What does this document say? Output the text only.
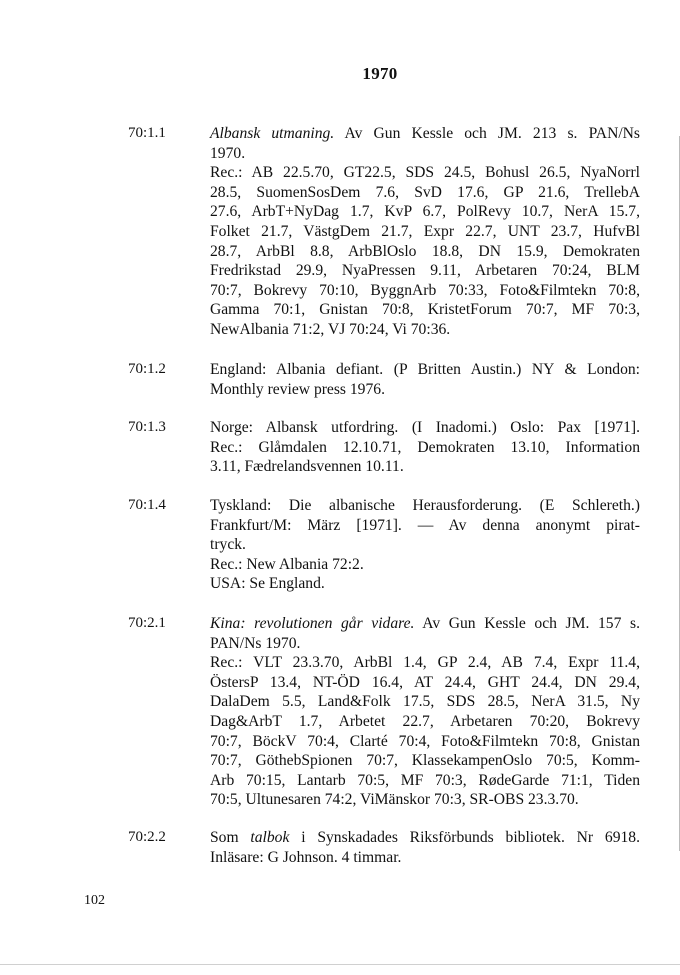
1970
70:1.1	Albansk utmaning. Av Gun Kessle och JM. 213 s. PAN/Ns
1970.
Rec.: AB 22.5.70, GT22.5, SDS 24.5, Bohusl 26.5, NyaNorrl
28.5, SuomenSosDem 7.6, SvD 17.6, GP 21.6, TrellebA
27.6, ArbT+NyDag 1.7, KvP 6.7, PolRevy 10.7, NerA 15.7,
Folket 21.7, VästgDem 21.7, Expr 22.7, UNT 23.7, HufvBl
28.7, ArbBl 8.8, ArbBlOslo 18.8, DN 15.9, Demokraten
Fredrikstad 29.9, NyaPressen 9.11, Arbetaren 70:24, BLM
70:7, Bokrevy 70:10, ByggnArb 70:33, Foto&Filmtekn 70:8,
Gamma 70:1, Gnistan 70:8, KristetForum 70:7, MF 70:3,
NewAlbania 71:2, VJ 70:24, Vi 70:36.
70:1.2	England: Albania defiant. (P Britten Austin.) NY & London:
Monthly review press 1976.
70:1.3	Norge: Albansk utfordring. (I Inadomi.) Oslo: Pax [1971].
Rec.: Glåmdalen 12.10.71, Demokraten 13.10, Information
3.11, Fædrelandsvennen 10.11.
70:1.4	Tyskland: Die albanische Herausforderung. (E Schlereth.)
Frankfurt/M: März [1971]. — Av denna anonymt pirat-
tryck.
Rec.: New Albania 72:2.
USA: Se England.
70:2.1	Kina: revolutionen går vidare. Av Gun Kessle och JM. 157 s.
PAN/Ns 1970.
Rec.: VLT 23.3.70, ArbBl 1.4, GP 2.4, AB 7.4, Expr 11.4,
ÖstersP 13.4, NT-ÖD 16.4, AT 24.4, GHT 24.4, DN 29.4,
DalaDem 5.5, Land&Folk 17.5, SDS 28.5, NerA 31.5, Ny
Dag&ArbT 1.7, Arbetet 22.7, Arbetaren 70:20, Bokrevy
70:7, BöckV 70:4, Clarté 70:4, Foto&Filmtekn 70:8, Gnistan
70:7, GöthebSpionen 70:7, KlassekampenOslo 70:5, Komm-
Arb 70:15, Lantarb 70:5, MF 70:3, RødeGarde 71:1, Tiden
70:5, Ultunesaren 74:2, ViMänskor 70:3, SR-OBS 23.3.70.
70:2.2	Som talbok i Synskadades Riksförbunds bibliotek. Nr 6918.
Inläsare: G Johnson. 4 timmar.
102
